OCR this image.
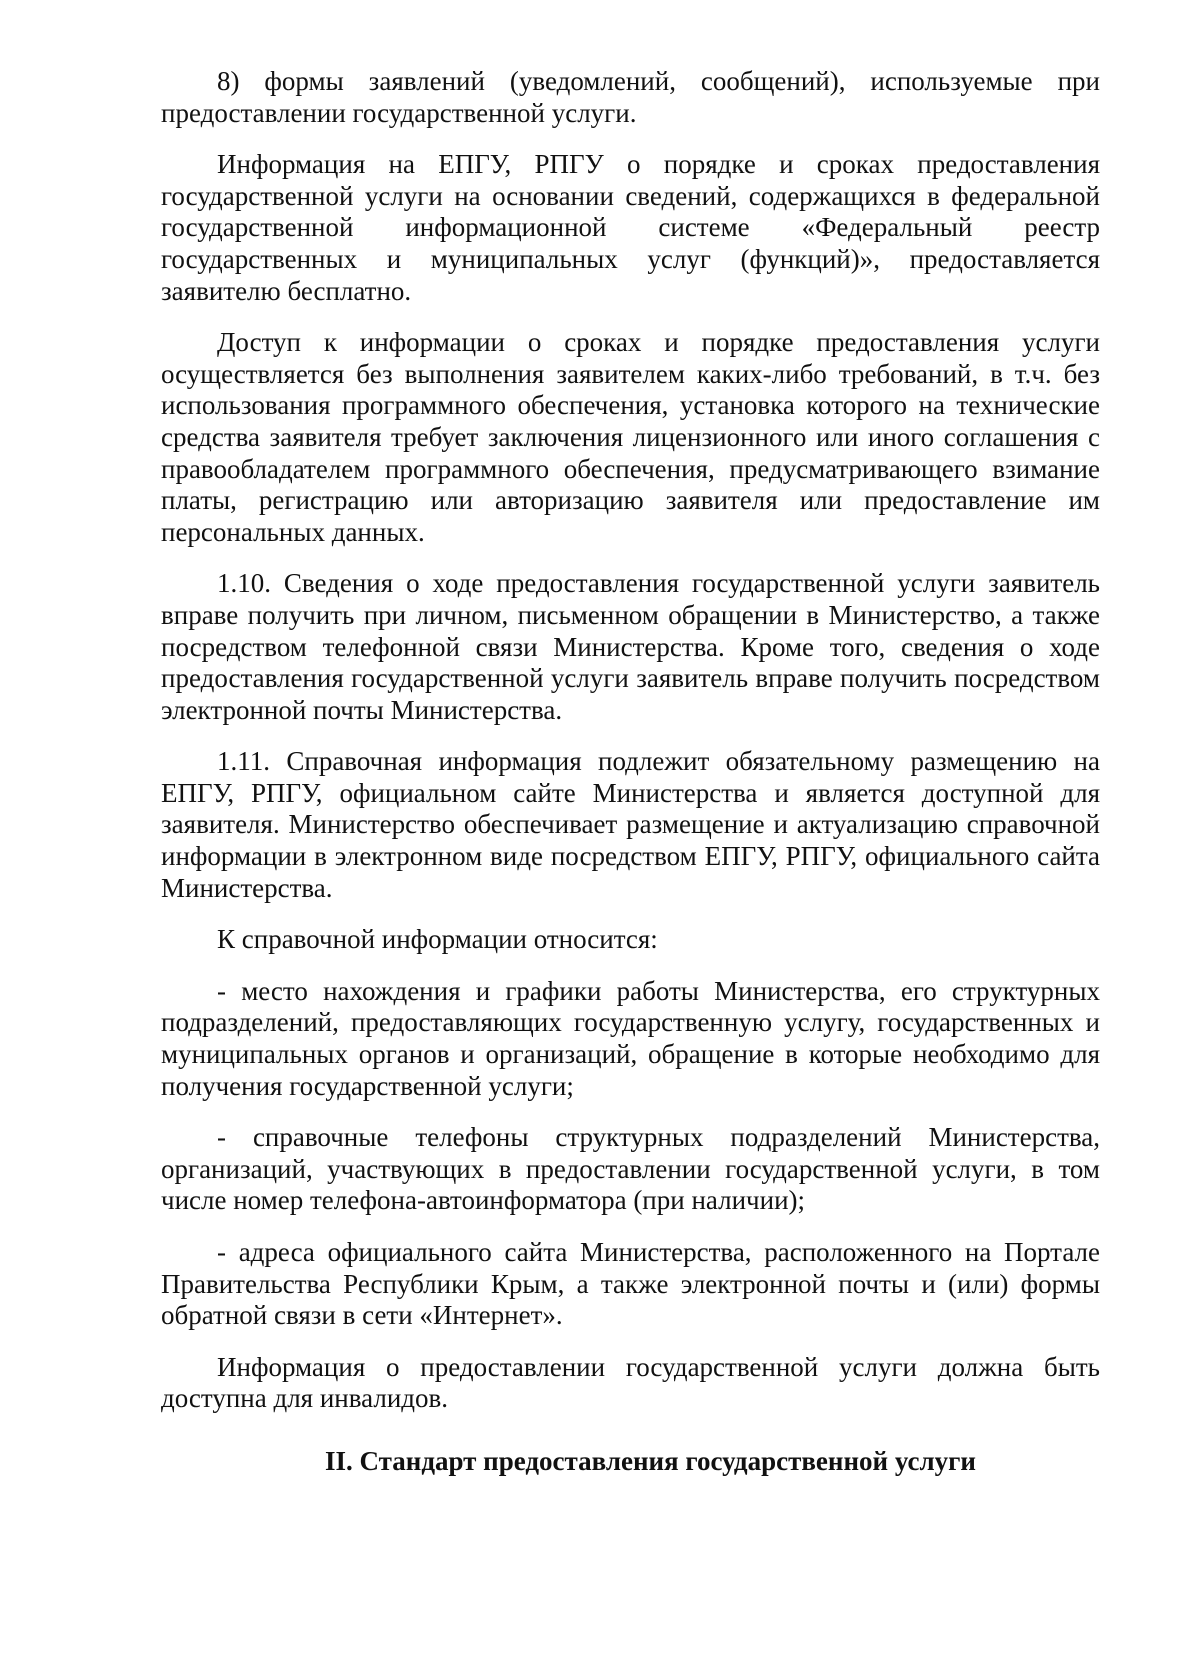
8) формы заявлений (уведомлений, сообщений), используемые при предоставлении государственной услуги.

Информация на ЕПГУ, РПГУ о порядке и сроках предоставления государственной услуги на основании сведений, содержащихся в федеральной государственной информационной системе «Федеральный реестр государственных и муниципальных услуг (функций)», предоставляется заявителю бесплатно.

Доступ к информации о сроках и порядке предоставления услуги осуществляется без выполнения заявителем каких-либо требований, в т.ч. без использования программного обеспечения, установка которого на технические средства заявителя требует заключения лицензионного или иного соглашения с правообладателем программного обеспечения, предусматривающего взимание платы, регистрацию или авторизацию заявителя или предоставление им персональных данных.

1.10. Сведения о ходе предоставления государственной услуги заявитель вправе получить при личном, письменном обращении в Министерство, а также посредством телефонной связи Министерства. Кроме того, сведения о ходе предоставления государственной услуги заявитель вправе получить посредством электронной почты Министерства.

1.11. Справочная информация подлежит обязательному размещению на ЕПГУ, РПГУ, официальном сайте Министерства и является доступной для заявителя. Министерство обеспечивает размещение и актуализацию справочной информации в электронном виде посредством ЕПГУ, РПГУ, официального сайта Министерства.

К справочной информации относится:

- место нахождения и графики работы Министерства, его структурных подразделений, предоставляющих государственную услугу, государственных и муниципальных органов и организаций, обращение в которые необходимо для получения государственной услуги;

- справочные телефоны структурных подразделений Министерства, организаций, участвующих в предоставлении государственной услуги, в том числе номер телефона-автоинформатора (при наличии);

- адреса официального сайта Министерства, расположенного на Портале Правительства Республики Крым, а также электронной почты и (или) формы обратной связи в сети «Интернет».

Информация о предоставлении государственной услуги должна быть доступна для инвалидов.

II. Стандарт предоставления государственной услуги
